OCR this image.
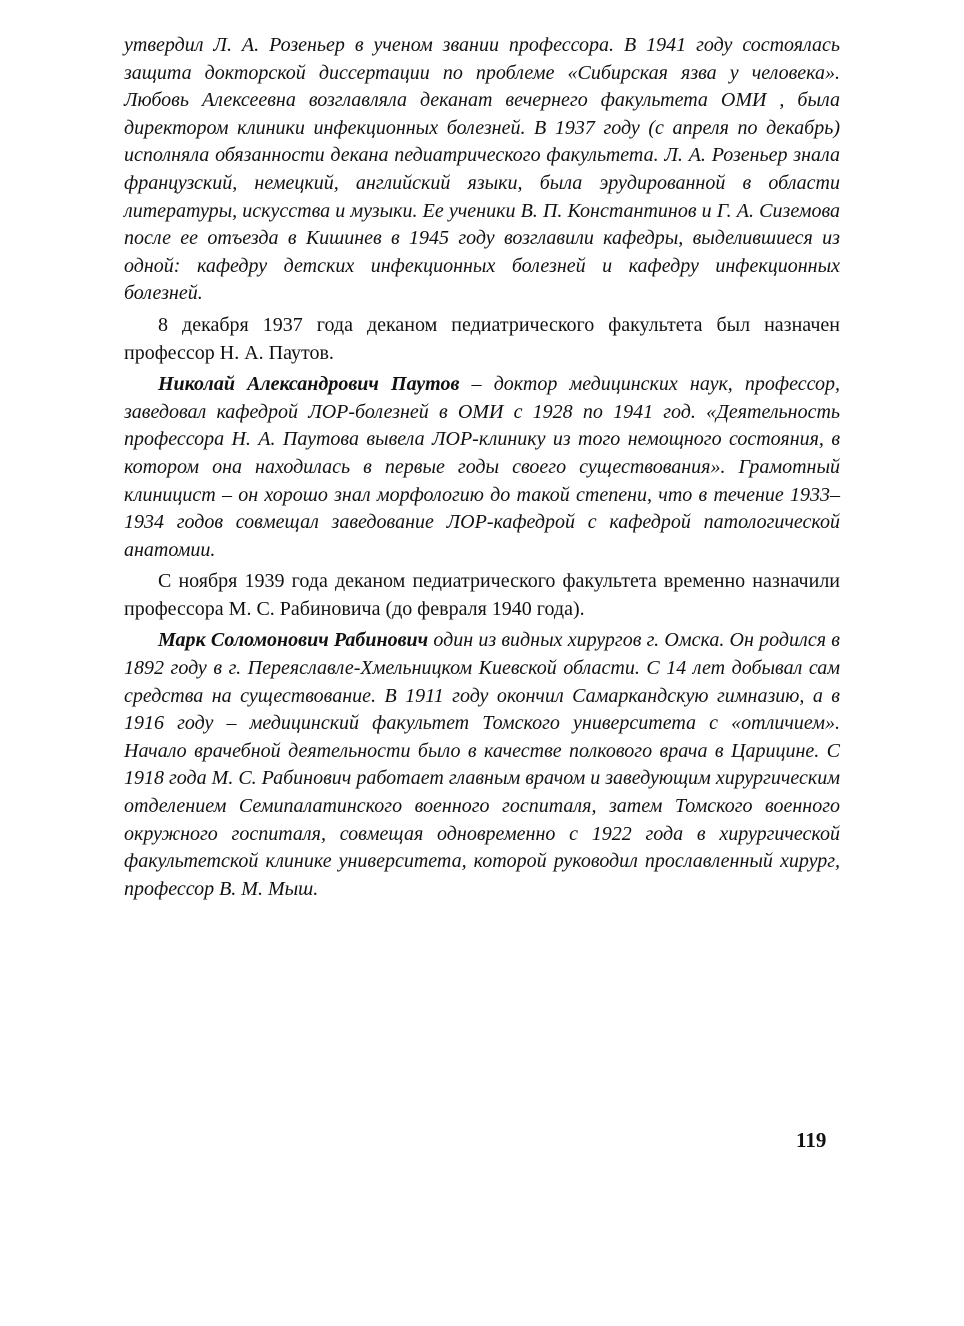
утвердил Л. А. Розеньер в ученом звании профессора. В 1941 году состоялась защита докторской диссертации по проблеме «Сибирская язва у человека». Любовь Алексеевна возглавляла деканат вечернего факультета ОМИ , была директором клиники инфекционных болезней. В 1937 году (с апреля по декабрь) исполняла обязанности декана педиатрического факультета. Л. А. Розеньер знала французский, немецкий, английский языки, была эрудированной в области литературы, искусства и музыки. Ее ученики В. П. Константинов и Г. А. Сиземова после ее отъезда в Кишинев в 1945 году возглавили кафедры, выделившиеся из одной: кафедру детских инфекционных болезней и кафедру инфекционных болезней.

8 декабря 1937 года деканом педиатрического факультета был назначен профессор Н. А. Паутов.

Николай Александрович Паутов – доктор медицинских наук, профессор, заведовал кафедрой ЛОР-болезней в ОМИ с 1928 по 1941 год. «Деятельность профессора Н. А. Паутова вывела ЛОР-клинику из того немощного состояния, в котором она находилась в первые годы своего существования». Грамотный клиницист – он хорошо знал морфологию до такой степени, что в течение 1933–1934 годов совмещал заведование ЛОР-кафедрой с кафедрой патологической анатомии.

С ноября 1939 года деканом педиатрического факультета временно назначили профессора М. С. Рабиновича (до февраля 1940 года).

Марк Соломонович Рабинович один из видных хирургов г. Омска. Он родился в 1892 году в г. Переяславле-Хмельницком Киевской области. С 14 лет добывал сам средства на существование. В 1911 году окончил Самаркандскую гимназию, а в 1916 году – медицинский факультет Томского университета с «отличием». Начало врачебной деятельности было в качестве полкового врача в Царицине. С 1918 года М. С. Рабинович работает главным врачом и заведующим хирургическим отделением Семипалатинского военного госпиталя, затем Томского военного окружного госпиталя, совмещая одновременно с 1922 года в хирургической факультетской клинике университета, которой руководил прославленный хирург, профессор В. М. Мыш.

119
